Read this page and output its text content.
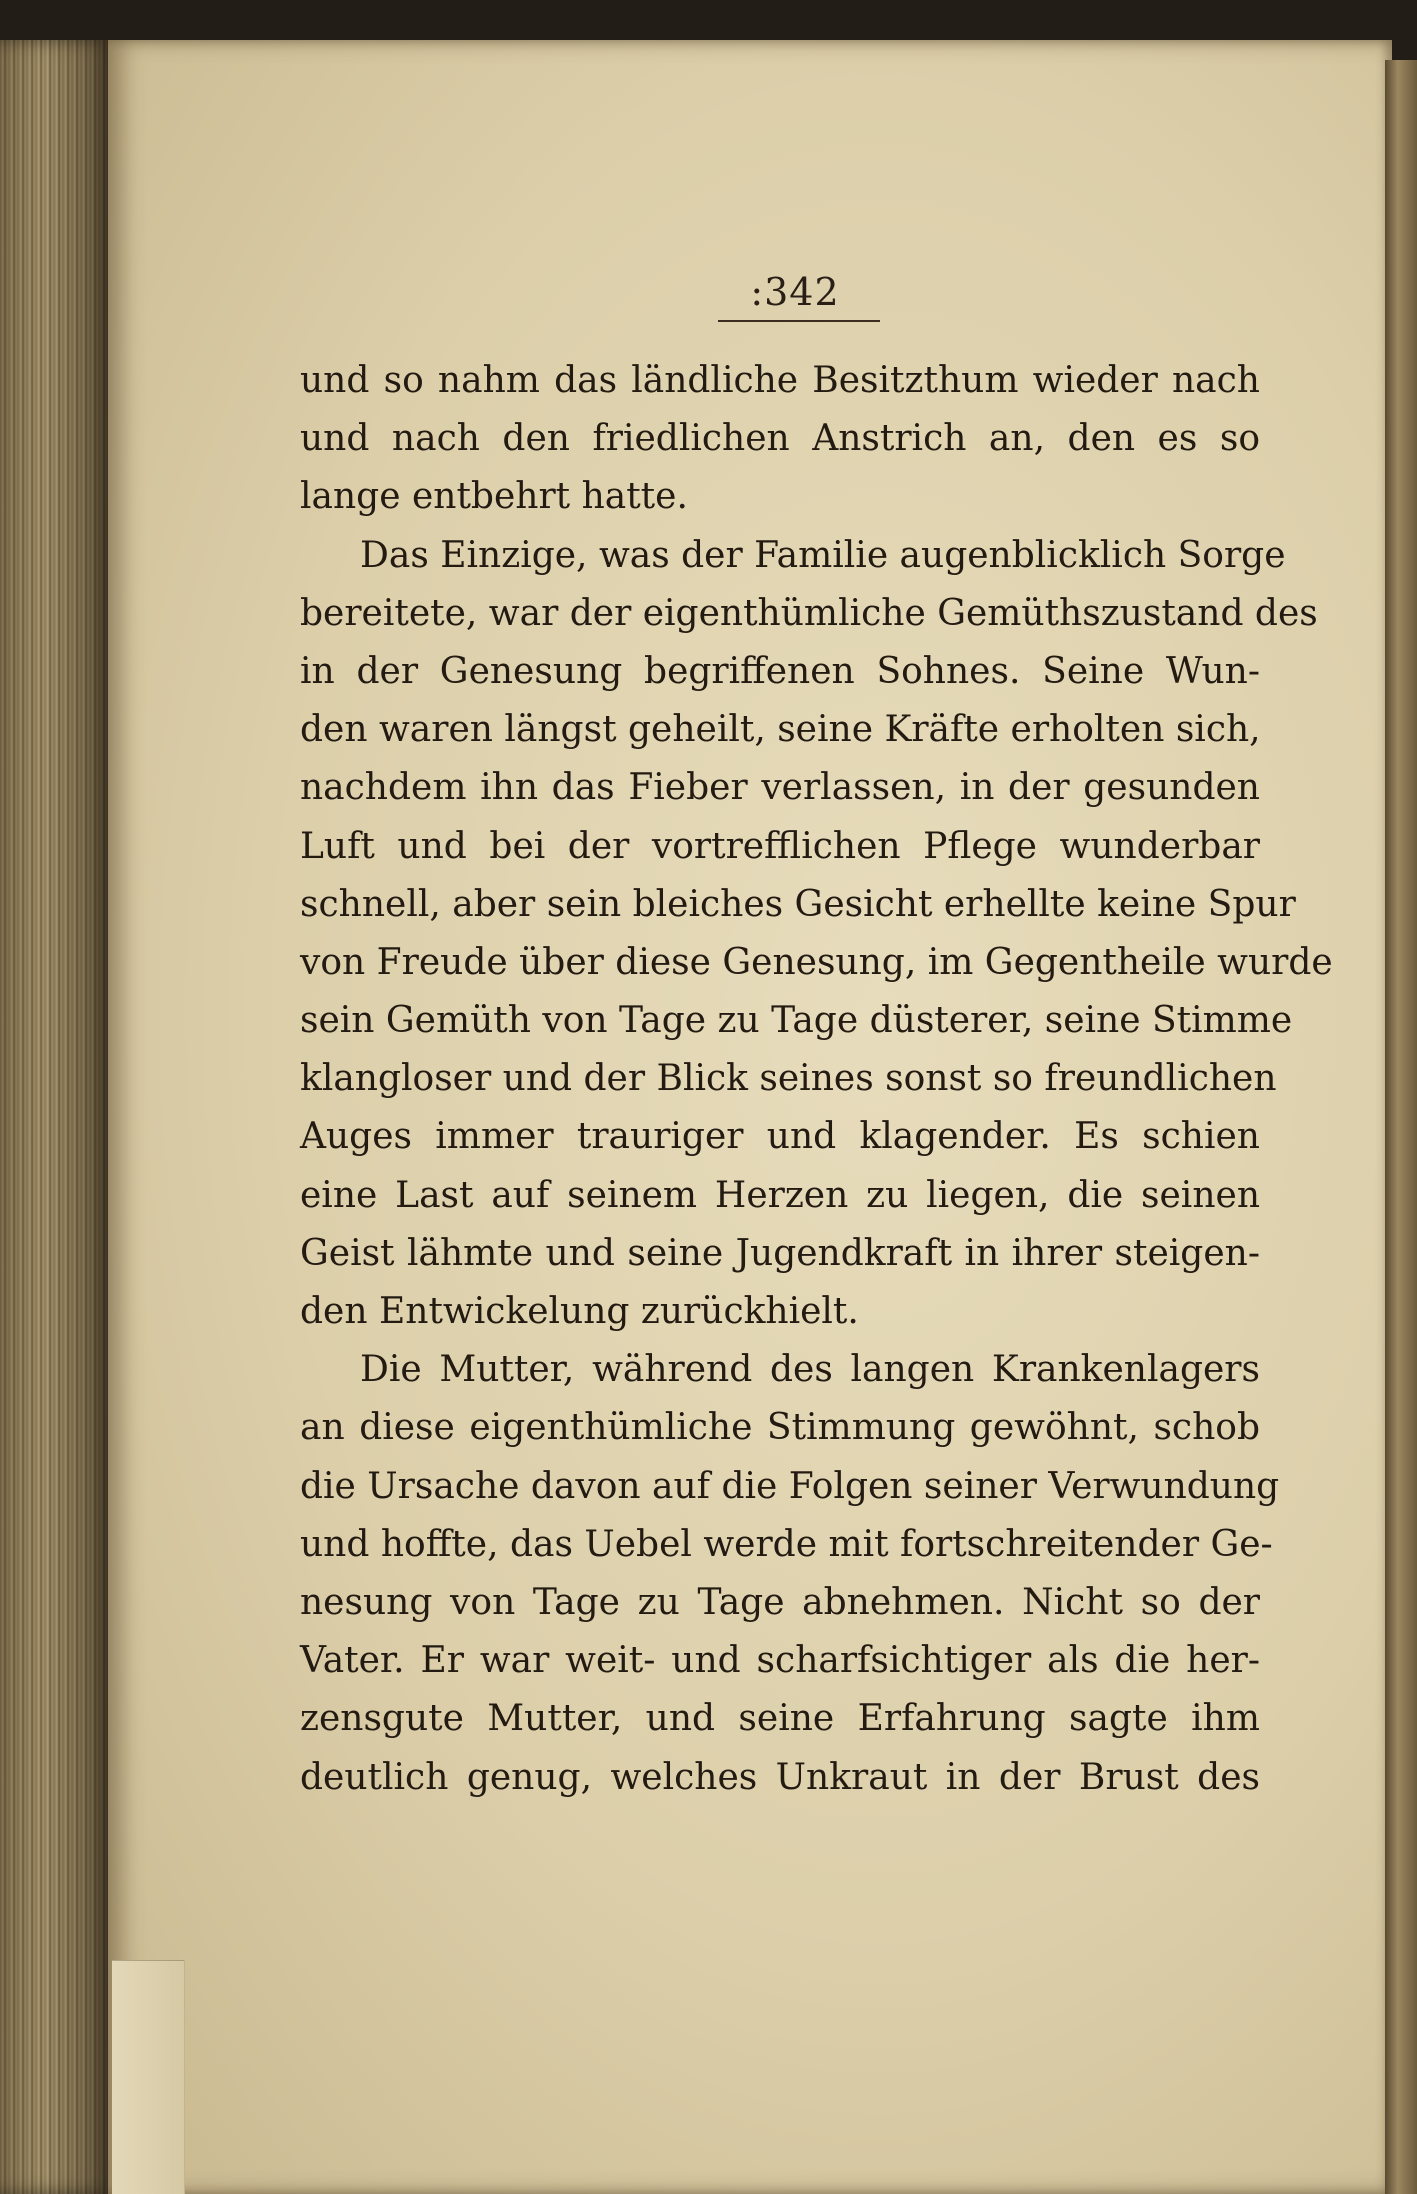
:342
und so nahm das ländliche Besitzthum wieder nach
und nach den friedlichen Anstrich an, den es so
lange entbehrt hatte.
Das Einzige, was der Familie augenblicklich Sorge
bereitete, war der eigenthümliche Gemüthszustand des
in der Genesung begriffenen Sohnes. Seine Wun-
den waren längst geheilt, seine Kräfte erholten sich,
nachdem ihn das Fieber verlassen, in der gesunden
Luft und bei der vortrefflichen Pflege wunderbar
schnell, aber sein bleiches Gesicht erhellte keine Spur
von Freude über diese Genesung, im Gegentheile wurde
sein Gemüth von Tage zu Tage düsterer, seine Stimme
klangloser und der Blick seines sonst so freundlichen
Auges immer trauriger und klagender. Es schien
eine Last auf seinem Herzen zu liegen, die seinen
Geist lähmte und seine Jugendkraft in ihrer steigen-
den Entwickelung zurückhielt.
Die Mutter, während des langen Krankenlagers
an diese eigenthümliche Stimmung gewöhnt, schob
die Ursache davon auf die Folgen seiner Verwundung
und hoffte, das Uebel werde mit fortschreitender Ge-
nesung von Tage zu Tage abnehmen. Nicht so der
Vater. Er war weit- und scharfsichtiger als die her-
zensgute Mutter, und seine Erfahrung sagte ihm
deutlich genug, welches Unkraut in der Brust des
